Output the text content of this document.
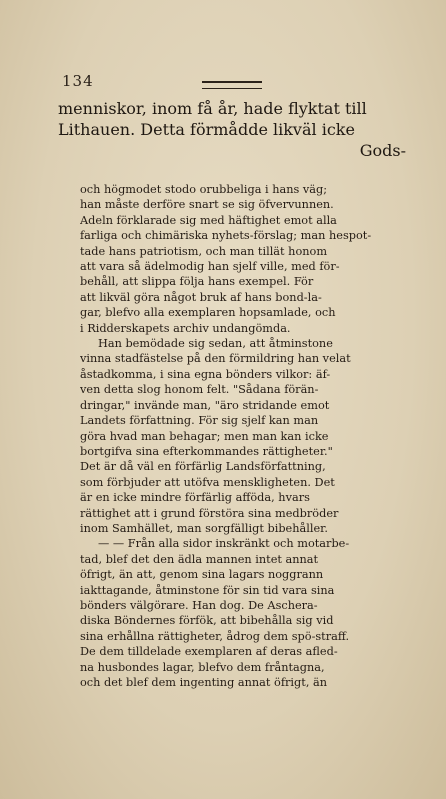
134
menniskor, inom få år, hade flyktat till
Lithauen. Detta förmådde likväl icke
Gods-
och högmodet stodo orubbeliga i hans väg;
han måste derföre snart se sig öfvervunnen.
Adeln förklarade sig med häftighet emot alla
farliga och chimäriska nyhets-förslag; man hespot-
tade hans patriotism, och man tillät honom
att vara så ädelmodig han sjelf ville, med för-
behåll, att slippa följa hans exempel. För
att likväl göra något bruk af hans bond-la-
gar, blefvo alla exemplaren hopsamlade, och
i Ridderskapets archiv undangömda.
Han bemödade sig sedan, att åtminstone
vinna stadfästelse på den förmildring han velat
åstadkomma, i sina egna bönders vilkor: äf-
ven detta slog honom felt. "Sådana förän-
dringar," invände man, "äro stridande emot
Landets författning. För sig sjelf kan man
göra hvad man behagar; men man kan icke
bortgifva sina efterkommandes rättigheter."
Det är då väl en förfärlig Landsförfattning,
som förbjuder att utöfva menskligheten. Det
är en icke mindre förfärlig afföda, hvars
rättighet att i grund förstöra sina medbröder
inom Samhället, man sorgfälligt bibehåller.
— — Från alla sidor inskränkt och motarbe-
tad, blef det den ädla mannen intet annat
öfrigt, än att, genom sina lagars noggrann
iakttagande, åtminstone för sin tid vara sina
bönders välgörare. Han dog. De Aschera-
diska Böndernes förfök, att bibehålla sig vid
sina erhållna rättigheter, ådrog dem spö-straff.
De dem tilldelade exemplaren af deras afled-
na husbondes lagar, blefvo dem fråntagna,
och det blef dem ingenting annat öfrigt, än
